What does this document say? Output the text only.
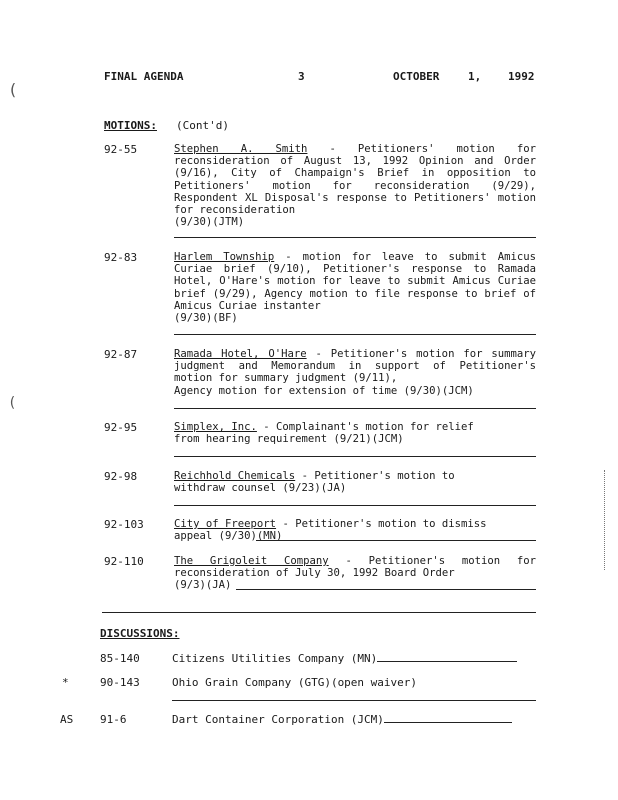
FINAL AGENDA	3	OCTOBER	1, 1992
MOTIONS: (Cont'd)
92-55	Stephen A. Smith - Petitioners' motion for reconsideration of August 13, 1992 Opinion and Order (9/16), City of Champaign's Brief in opposition to Petitioners' motion for reconsideration (9/29), Respondent XL Disposal's response to Petitioners' motion for reconsideration
(9/30)(JTM)
92-83	Harlem Township - motion for leave to submit Amicus Curiae brief (9/10), Petitioner's response to Ramada Hotel, O'Hare's motion for leave to submit Amicus Curiae brief (9/29), Agency motion to file response to brief of Amicus Curiae instanter
(9/30)(BF)
92-87	Ramada Hotel, O'Hare - Petitioner's motion for summary judgment and Memorandum in support of Petitioner's motion for summary judgment (9/11),
Agency motion for extension of time (9/30)(JCM)
92-95	Simplex, Inc. - Complainant's motion for relief
from hearing requirement (9/21)(JCM)
92-98	Reichhold Chemicals - Petitioner's motion to
withdraw counsel (9/23)(JA)
92-103	City of Freeport - Petitioner's motion to dismiss
appeal (9/30)(MN)
92-110	The Grigoleit Company - Petitioner's motion for reconsideration of July 30, 1992 Board Order
(9/3)(JA)
DISCUSSIONS:
85-140	Citizens Utilities Company (MN)
*	90-143	Ohio Grain Company (GTG)(open waiver)
AS 91-6	Dart Container Corporation (JCM)
(
(
